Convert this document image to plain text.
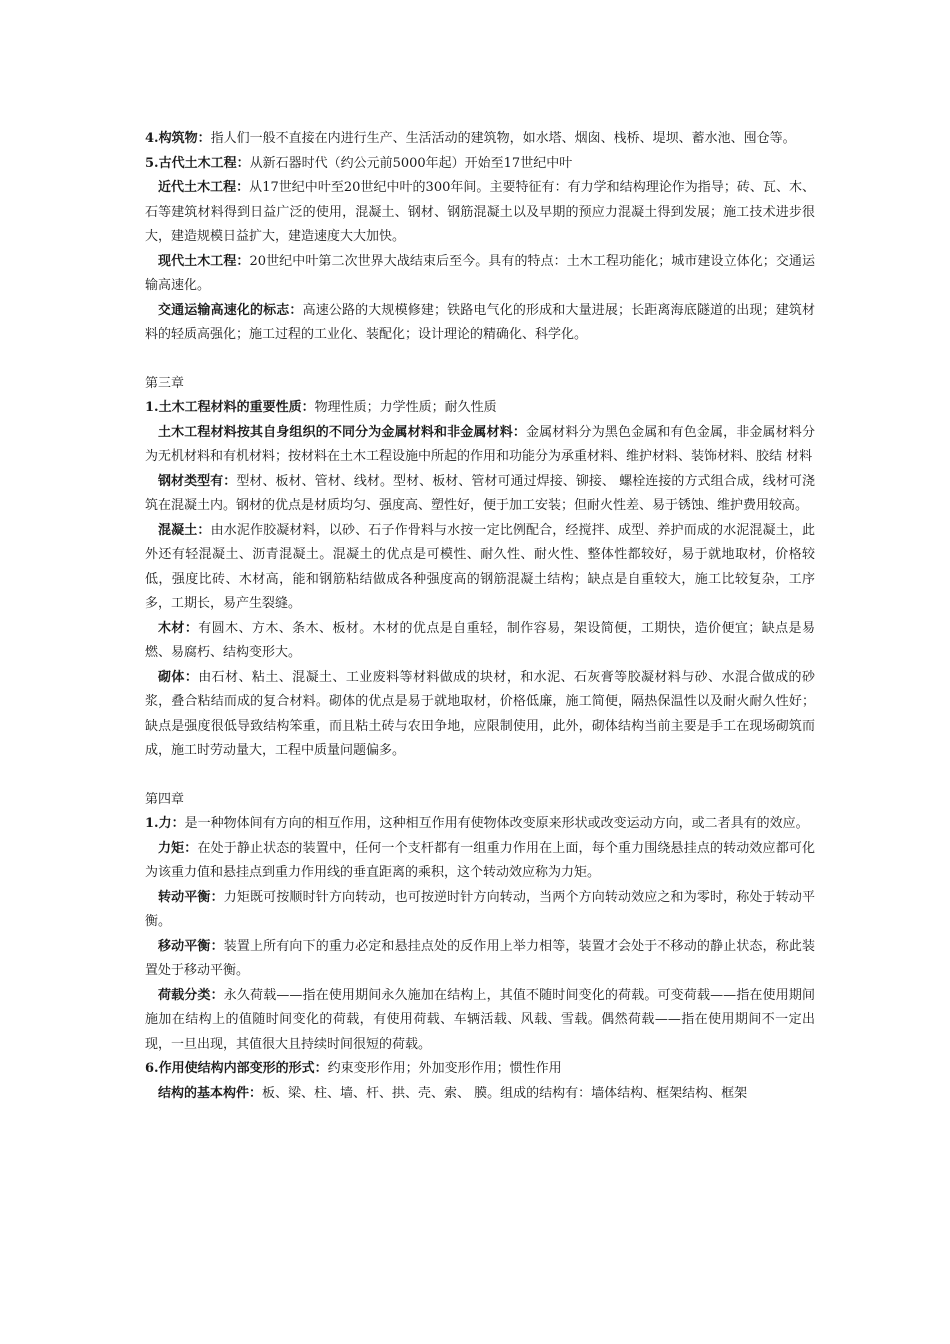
4.构筑物：指人们一般不直接在内进行生产、生活活动的建筑物，如水塔、烟囱、栈桥、堤坝、蓄水池、囤仓等。

5.古代土木工程：从新石器时代（约公元前5000年起）开始至17世纪中叶

近代土木工程：从17世纪中叶至20世纪中叶的300年间。主要特征有：有力学和结构理论作为指导；砖、瓦、木、石等建筑材料得到日益广泛的使用，混凝土、钢材、钢筋混凝土以及早期的预应力混凝土得到发展；施工技术进步很大，建造规模日益扩大，建造速度大大加快。

现代土木工程：20世纪中叶第二次世界大战结束后至今。具有的特点：土木工程功能化；城市建设立体化；交通运输高速化。

交通运输高速化的标志：高速公路的大规模修建；铁路电气化的形成和大量进展；长距离海底隧道的出现；建筑材料的轻质高强化；施工过程的工业化、装配化；设计理论的精确化、科学化。

第三章

1.土木工程材料的重要性质：物理性质；力学性质；耐久性质

土木工程材料按其自身组织的不同分为金属材料和非金属材料：金属材料分为黑色金属和有色金属，非金属材料分为无机材料和有机材料；按材料在土木工程设施中所起的作用和功能分为承重材料、维护材料、装饰材料、胶结 材料

钢材类型有：型材、板材、管材、线材。型材、板材、管材可通过焊接、铆接、 螺栓连接的方式组合成，线材可浇筑在混凝土内。钢材的优点是材质均匀、强度高、塑性好，便于加工安装；但耐火性差、易于锈蚀、维护费用较高。

混凝土：由水泥作胶凝材料，以砂、石子作骨料与水按一定比例配合，经搅拌、成型、养护而成的水泥混凝土，此外还有轻混凝土、沥青混凝土。混凝土的优点是可模性、耐久性、耐火性、整体性都较好，易于就地取材，价格较低，强度比砖、木材高，能和钢筋粘结做成各种强度高的钢筋混凝土结构；缺点是自重较大，施工比较复杂，工序多，工期长，易产生裂缝。

木材：有圆木、方木、条木、板材。木材的优点是自重轻，制作容易，架设简便，工期快，造价便宜；缺点是易燃、易腐朽、结构变形大。

砌体：由石材、粘土、混凝土、工业废料等材料做成的块材，和水泥、石灰膏等胶凝材料与砂、水混合做成的砂浆，叠合粘结而成的复合材料。砌体的优点是易于就地取材，价格低廉，施工简便，隔热保温性以及耐火耐久性好；缺点是强度很低导致结构笨重，而且粘土砖与农田争地，应限制使用，此外，砌体结构当前主要是手工在现场砌筑而成，施工时劳动量大，工程中质量问题偏多。

第四章

1.力：是一种物体间有方向的相互作用，这种相互作用有使物体改变原来形状或改变运动方向，或二者具有的效应。

力矩：在处于静止状态的装置中，任何一个支杆都有一组重力作用在上面，每个重力围绕悬挂点的转动效应都可化为该重力值和悬挂点到重力作用线的垂直距离的乘积，这个转动效应称为力矩。

转动平衡：力矩既可按顺时针方向转动，也可按逆时针方向转动，当两个方向转动效应之和为零时，称处于转动平衡。

移动平衡：装置上所有向下的重力必定和悬挂点处的反作用上举力相等，装置才会处于不移动的静止状态，称此装置处于移动平衡。

荷载分类：永久荷载——指在使用期间永久施加在结构上，其值不随时间变化的荷载。可变荷载——指在使用期间施加在结构上的值随时间变化的荷载，有使用荷载、车辆活载、风载、雪载。偶然荷载——指在使用期间不一定出现，一旦出现，其值很大且持续时间很短的荷载。

6.作用使结构内部变形的形式：约束变形作用；外加变形作用；惯性作用

结构的基本构件：板、梁、柱、墙、杆、拱、壳、索、 膜。组成的结构有：墙体结构、框架结构、框架
